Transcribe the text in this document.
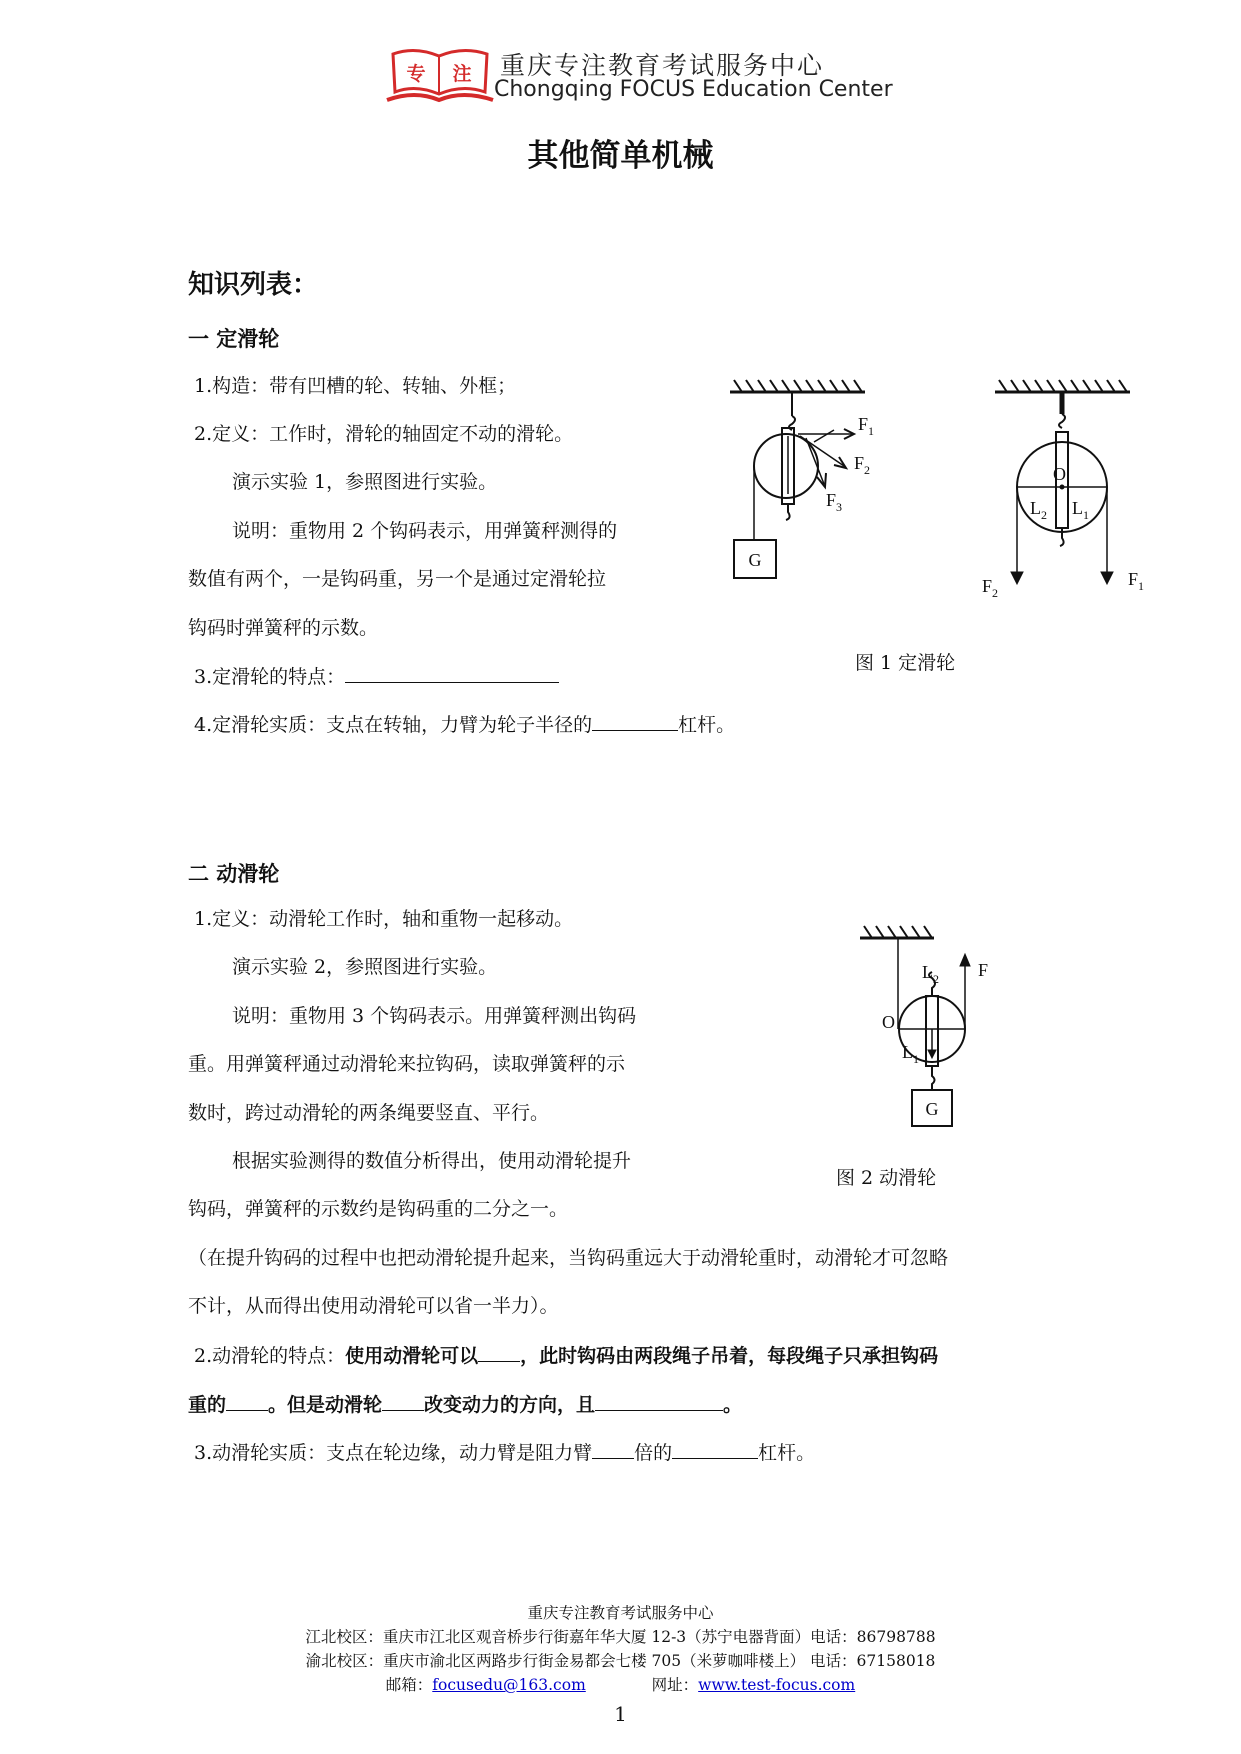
专 注 重庆专注教育考试服务中心
Chongqing FOCUS Education Center
其他简单机械
知识列表：
一 定滑轮
1.构造：带有凹槽的轮、转轴、外框；
2.定义：工作时，滑轮的轴固定不动的滑轮。
演示实验 1，参照图进行实验。
说明：重物用 2 个钩码表示，用弹簧秤测得的
数值有两个，一是钩码重，另一个是通过定滑轮拉
钩码时弹簧秤的示数。
3.定滑轮的特点：
4.定滑轮实质：支点在转轴，力臂为轮子半径的	杠杆。
G
$F_1$
$F_2$
$F_3$
O
$L_2$ $L_1$
$F_2$
$F_1$
图 1 定滑轮
二 动滑轮
1.定义：动滑轮工作时，轴和重物一起移动。
演示实验 2，参照图进行实验。
说明：重物用 3 个钩码表示。用弹簧秤测出钩码
重。用弹簧秤通过动滑轮来拉钩码，读取弹簧秤的示
数时，跨过动滑轮的两条绳要竖直、平行。
根据实验测得的数值分析得出，使用动滑轮提升
钩码，弹簧秤的示数约是钩码重的二分之一。
（在提升钩码的过程中也把动滑轮提升起来，当钩码重远大于动滑轮重时，动滑轮才可忽略
不计，从而得出使用动滑轮可以省一半力）。
2.动滑轮的特点：使用动滑轮可以 ，此时钩码由两段绳子吊着，每段绳子只承担钩码
重的 。但是动滑轮 改变动力的方向，且	。
3.动滑轮实质：支点在轮边缘，动力臂是阻力臂 倍的	杠杆。
G
F
$L_2$
O
$L_1$
图 2 动滑轮
重庆专注教育考试服务中心
江北校区：重庆市江北区观音桥步行街嘉年华大厦 12-3（苏宁电器背面）电话：86798788
渝北校区：重庆市渝北区两路步行街金易都会七楼 705（米萝咖啡楼上） 电话：67158018
邮箱：focusedu@163.com	网址：www.test-focus.com
1
